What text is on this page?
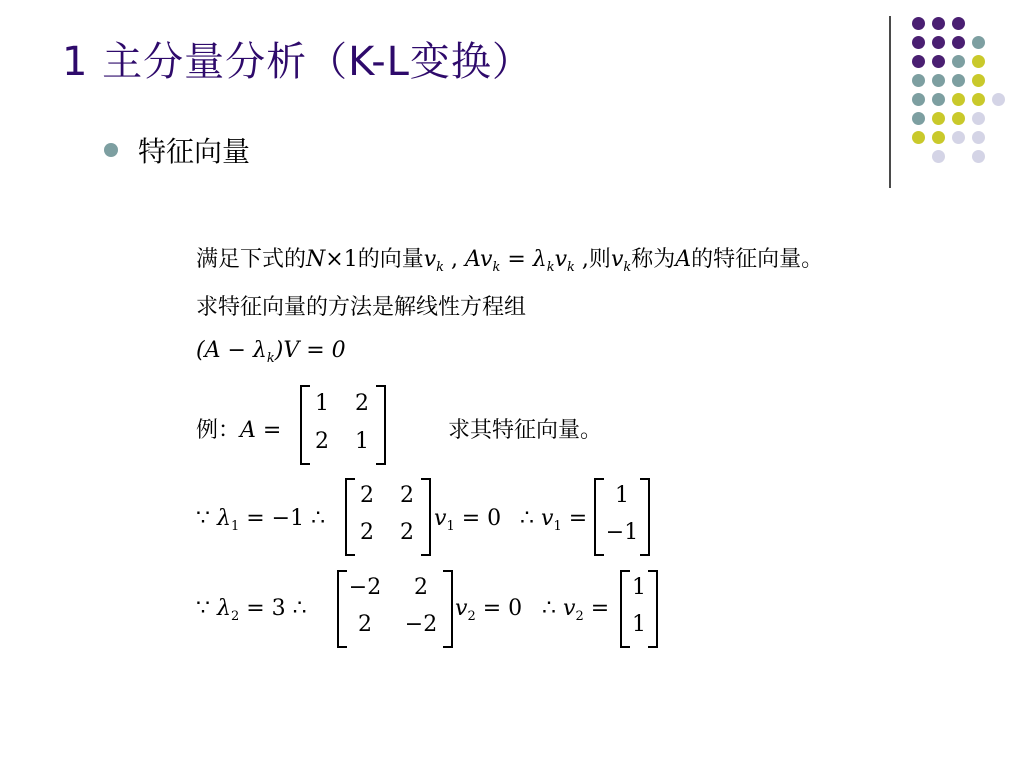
1 主分量分析（K-L变换）
特征向量
满足下式的N×1的向量$v_k$ , $Av_k = \lambda_kv_k$ ,则$v_k$称为A的特征向量。
求特征向量的方法是解线性方程组
$(A - \lambda_k)V = 0$
例：A =
1	2
2	1	求其特征向量。
∵ $\lambda_1 = -1$ ∴
2	2
2	2
$v_1 = 0$ ∴ $v_1$ =
1
−1
∵ $\lambda_2 = 3$ ∴
−2	2
2	−2
$v_2 = 0$ ∴ $v_2$ =
1
1
